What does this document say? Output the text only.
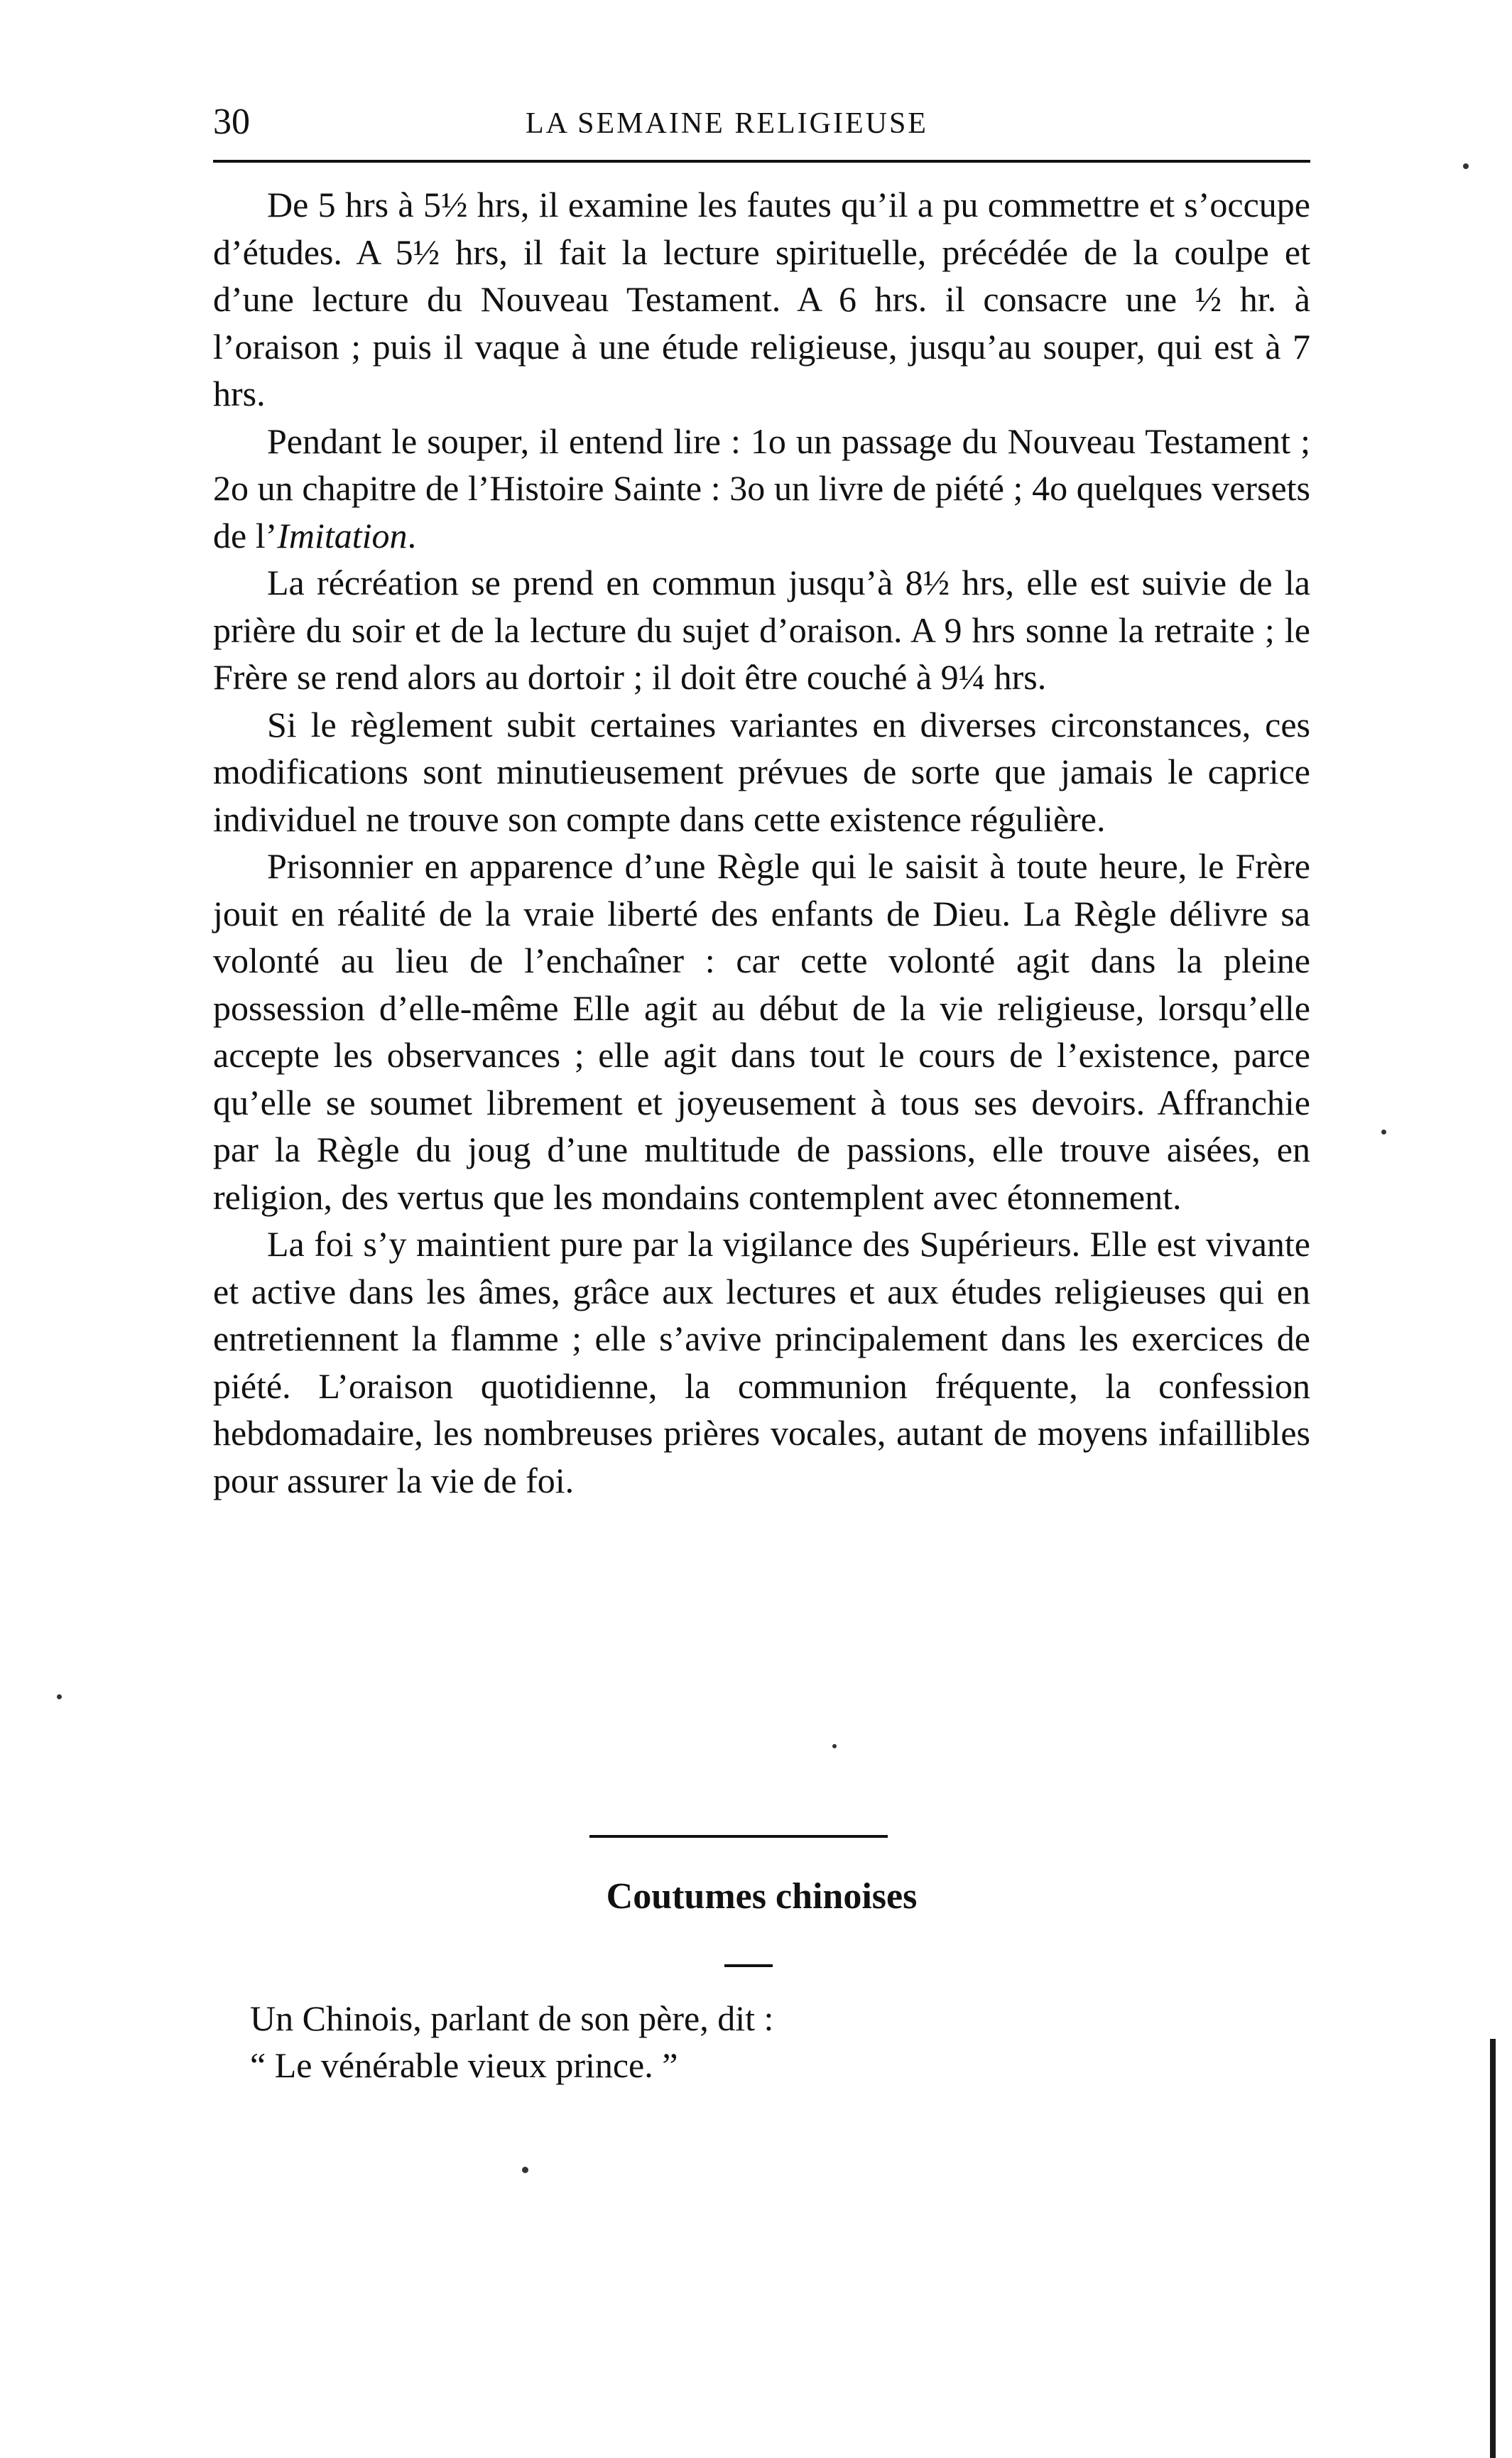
30	LA SEMAINE RELIGIEUSE

De 5 hrs à 5½ hrs, il examine les fautes qu’il a pu commettre et s’occupe d’études. A 5½ hrs, il fait la lecture spirituelle, précédée de la coulpe et d’une lecture du Nouveau Testament. A 6 hrs. il consacre une ½ hr. à l’oraison ; puis il vaque à une étude religieuse, jusqu’au souper, qui est à 7 hrs.

Pendant le souper, il entend lire : 1o un passage du Nouveau Testament ; 2o un chapitre de l’Histoire Sainte : 3o un livre de piété ; 4o quelques versets de l’Imitation.

La récréation se prend en commun jusqu’à 8½ hrs, elle est suivie de la prière du soir et de la lecture du sujet d’oraison. A 9 hrs sonne la retraite ; le Frère se rend alors au dortoir ; il doit être couché à 9¼ hrs.

Si le règlement subit certaines variantes en diverses circonstances, ces modifications sont minutieusement prévues de sorte que jamais le caprice individuel ne trouve son compte dans cette existence régulière.

Prisonnier en apparence d’une Règle qui le saisit à toute heure, le Frère jouit en réalité de la vraie liberté des enfants de Dieu. La Règle délivre sa volonté au lieu de l’enchaîner : car cette volonté agit dans la pleine possession d’elle-même Elle agit au début de la vie religieuse, lorsqu’elle accepte les observances ; elle agit dans tout le cours de l’existence, parce qu’elle se soumet librement et joyeusement à tous ses devoirs. Affranchie par la Règle du joug d’une multitude de passions, elle trouve aisées, en religion, des vertus que les mondains contemplent avec étonnement.

La foi s’y maintient pure par la vigilance des Supérieurs. Elle est vivante et active dans les âmes, grâce aux lectures et aux études religieuses qui en entretiennent la flamme ; elle s’avive principalement dans les exercices de piété. L’oraison quotidienne, la communion fréquente, la confession hebdomadaire, les nombreuses prières vocales, autant de moyens infaillibles pour assurer la vie de foi.

Coutumes chinoises

Un Chinois, parlant de son père, dit :

“ Le vénérable vieux prince. ”
